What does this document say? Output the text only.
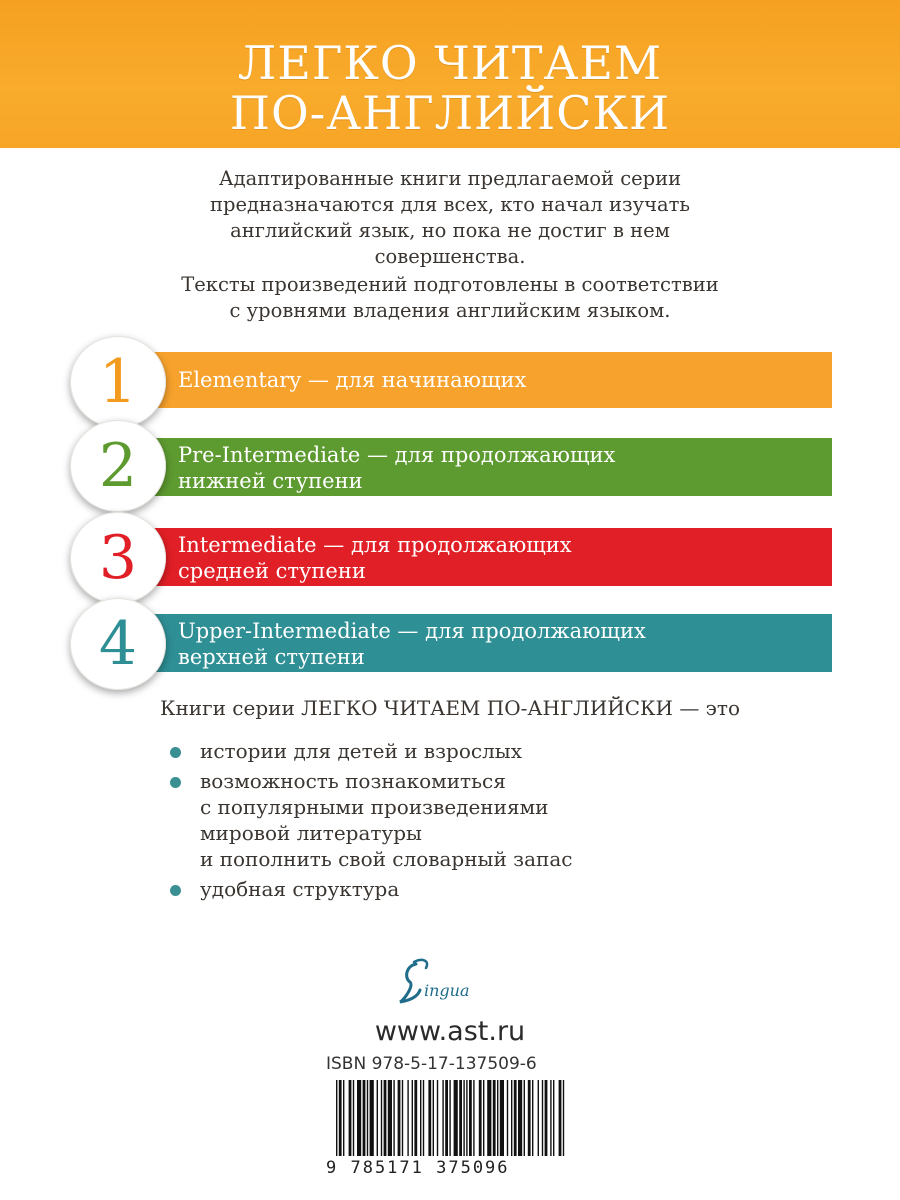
ЛЕГКО ЧИТАЕМ
ПО-АНГЛИЙСКИ
Адаптированные книги предлагаемой серии
предназначаются для всех, кто начал изучать
английский язык, но пока не достиг в нем
совершенства.
Тексты произведений подготовлены в соответствии
с уровнями владения английским языком.
Elementary — для начинающих
1
Pre-Intermediate — для продолжающих
нижней ступени
2
Intermediate — для продолжающих
средней ступени
3
Upper-Intermediate — для продолжающих
верхней ступени
4
Книги серии ЛЕГКО ЧИТАЕМ ПО-АНГЛИЙСКИ — это
истории для детей и взрослых
возможность познакомиться
с популярными произведениями
мировой литературы
и пополнить свой словарный запас
удобная структура
ingua
www.ast.ru
ISBN 978-5-17-137509-6
9 785171 375096
